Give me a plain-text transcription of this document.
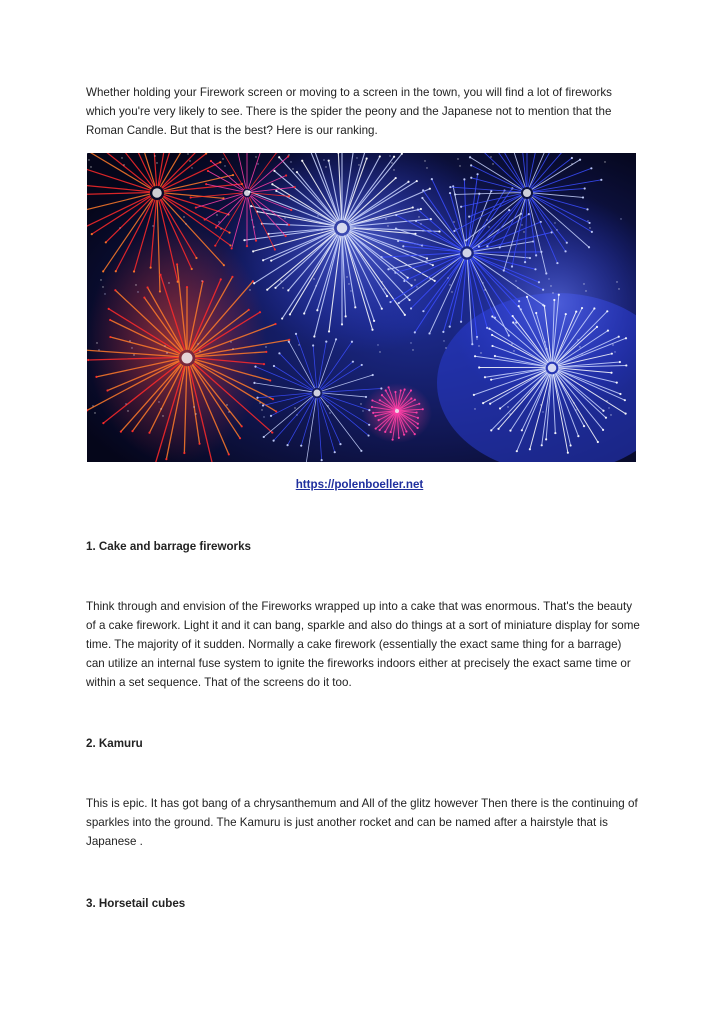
Whether holding your Firework screen or moving to a screen in the town, you will find a lot of fireworks which you're very likely to see. There is the spider the peony and the Japanese not to mention that the Roman Candle. But that is the best? Here is our ranking.

https://polenboeller.net

1. Cake and barrage fireworks

Think through and envision of the Fireworks wrapped up into a cake that was enormous. That's the beauty of a cake firework. Light it and it can bang, sparkle and also do things at a sort of miniature display for some time. The majority of it sudden. Normally a cake firework (essentially the exact same thing for a barrage) can utilize an internal fuse system to ignite the fireworks indoors either at precisely the exact same time or within a set sequence. That of the screens do it too.

2. Kamuru

This is epic. It has got bang of a chrysanthemum and All of the glitz however Then there is the continuing of sparkles into the ground. The Kamuru is just another rocket and can be named after a hairstyle that is Japanese .

3. Horsetail cubes
